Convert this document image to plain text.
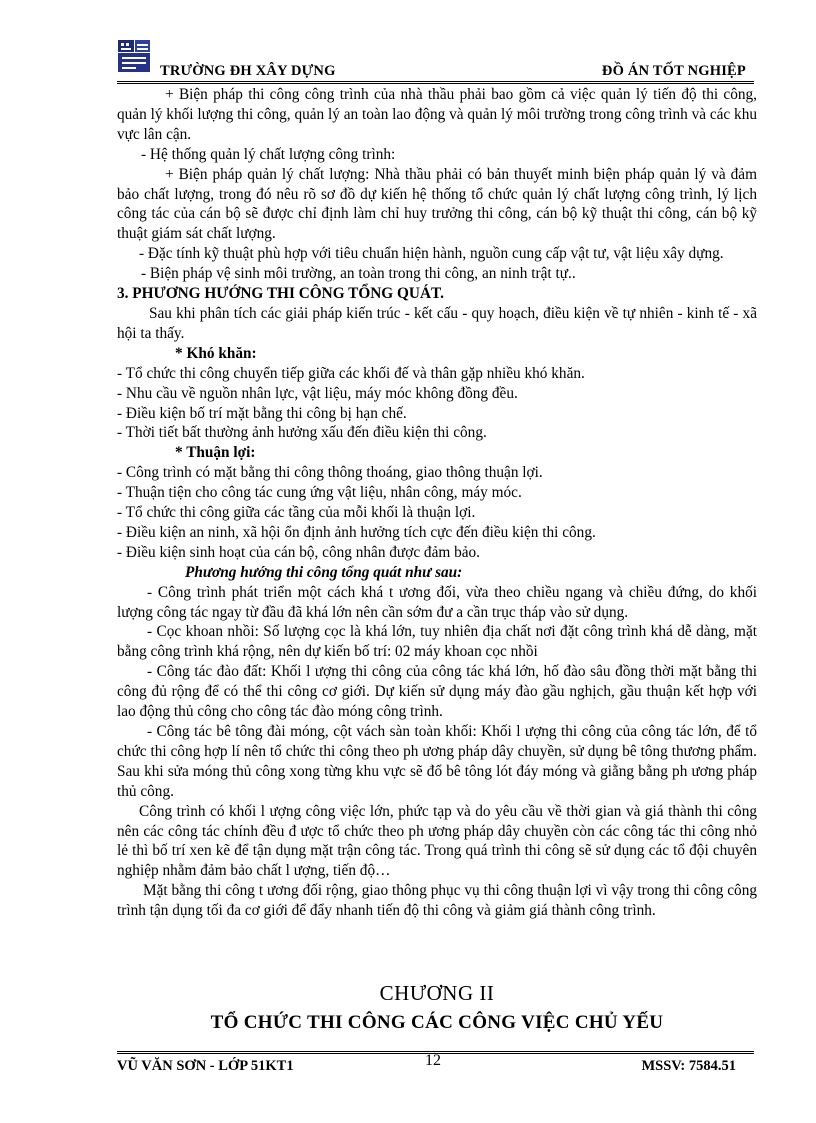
TRƯỜNG ĐH XÂY DỰNG	ĐỒ ÁN TỐT NGHIỆP

+ Biện pháp thi công công trình của nhà thầu phải bao gồm cả việc quản lý tiến độ thi công, quản lý khối lượng thi công, quản lý an toàn lao động và quản lý môi trường trong công trình và các khu vực lân cận.

- Hệ thống quản lý chất lượng công trình:

+ Biện pháp quản lý chất lượng: Nhà thầu phải có bản thuyết minh biện pháp quản lý và đảm bảo chất lượng, trong đó nêu rõ sơ đồ dự kiến hệ thống tổ chức quản lý chất lượng công trình, lý lịch công tác của cán bộ sẽ được chỉ định làm chỉ huy trưởng thi công, cán bộ kỹ thuật thi công, cán bộ kỹ thuật giám sát chất lượng.

- Đặc tính kỹ thuật phù hợp với tiêu chuẩn hiện hành, nguồn cung cấp vật tư, vật liệu xây dựng.

- Biện pháp vệ sinh môi trường, an toàn trong thi công, an ninh trật tự..

3. PHƯƠNG HƯỚNG THI CÔNG TỔNG QUÁT.

Sau khi phân tích các giải pháp kiến trúc - kết cấu - quy hoạch, điều kiện về tự nhiên - kinh tế - xã hội ta thấy.

* Khó khăn:

- Tổ chức thi công chuyển tiếp giữa các khối đế và thân gặp nhiều khó khăn.

- Nhu cầu về nguồn nhân lực, vật liệu, máy móc không đồng đều.

- Điều kiện bố trí mặt bằng thi công bị hạn chế.

- Thời tiết bất thường ảnh hưởng xấu đến điều kiện thi công.

* Thuận lợi:

- Công trình có mặt bằng thi công thông thoáng, giao thông thuận lợi.

- Thuận tiện cho công tác cung ứng vật liệu, nhân công, máy móc.

- Tổ chức thi công giữa các tầng của mỗi khối là thuận lợi.

- Điều kiện an ninh, xã hội ổn định ảnh hưởng tích cực đến điều kiện thi công.

- Điều kiện sinh hoạt của cán bộ, công nhân được đảm bảo.

Phương hướng thi công tổng quát như sau:

- Công trình phát triển một cách khá t ương đối, vừa theo chiều ngang và chiều đứng, do khối lượng công tác ngay từ đầu đã khá lớn nên cần sớm đư a cần trục tháp vào sử dụng.

- Cọc khoan nhồi: Số lượng cọc là khá lớn, tuy nhiên địa chất nơi đặt công trình khá dễ dàng, mặt bằng công trình khá rộng, nên dự kiến bố trí: 02 máy khoan cọc nhồi

- Công tác đào đất: Khối l ượng thi công của công tác khá lớn, hố đào sâu đồng thời mặt bằng thi công đủ rộng để có thể thi công cơ giới. Dự kiến sử dụng máy đào gầu nghịch, gầu thuận kết hợp với lao động thủ công cho công tác đào móng công trình.

- Công tác bê tông đài móng, cột vách sàn toàn khối: Khối l ượng thi công của công tác lớn, để tổ chức thi công hợp lí nên tổ chức thi công theo ph ương pháp dây chuyền, sử dụng bê tông thương phẩm. Sau khi sửa móng thủ công xong từng khu vực sẽ đổ bê tông lót đáy móng và giằng bằng ph ương pháp thủ công.

Công trình có khối l ượng công việc lớn, phức tạp và do yêu cầu về thời gian và giá thành thi công nên các công tác chính đều đ ược tổ chức theo ph ương pháp dây chuyền còn các công tác thi công nhỏ lẻ thì bố trí xen kẽ để tận dụng mặt trận công tác. Trong quá trình thi công sẽ sử dụng các tổ đội chuyên nghiệp nhằm đảm bảo chất l ượng, tiến độ…

Mặt bằng thi công t ương đối rộng, giao thông phục vụ thi công thuận lợi vì vậy trong thi công công trình tận dụng tối đa cơ giới để đẩy nhanh tiến độ thi công và giảm giá thành công trình.

CHƯƠNG II
TỔ CHỨC THI CÔNG CÁC CÔNG VIỆC CHỦ YẾU
VŨ VĂN SƠN - LỚP 51KT1	12	MSSV: 7584.51
